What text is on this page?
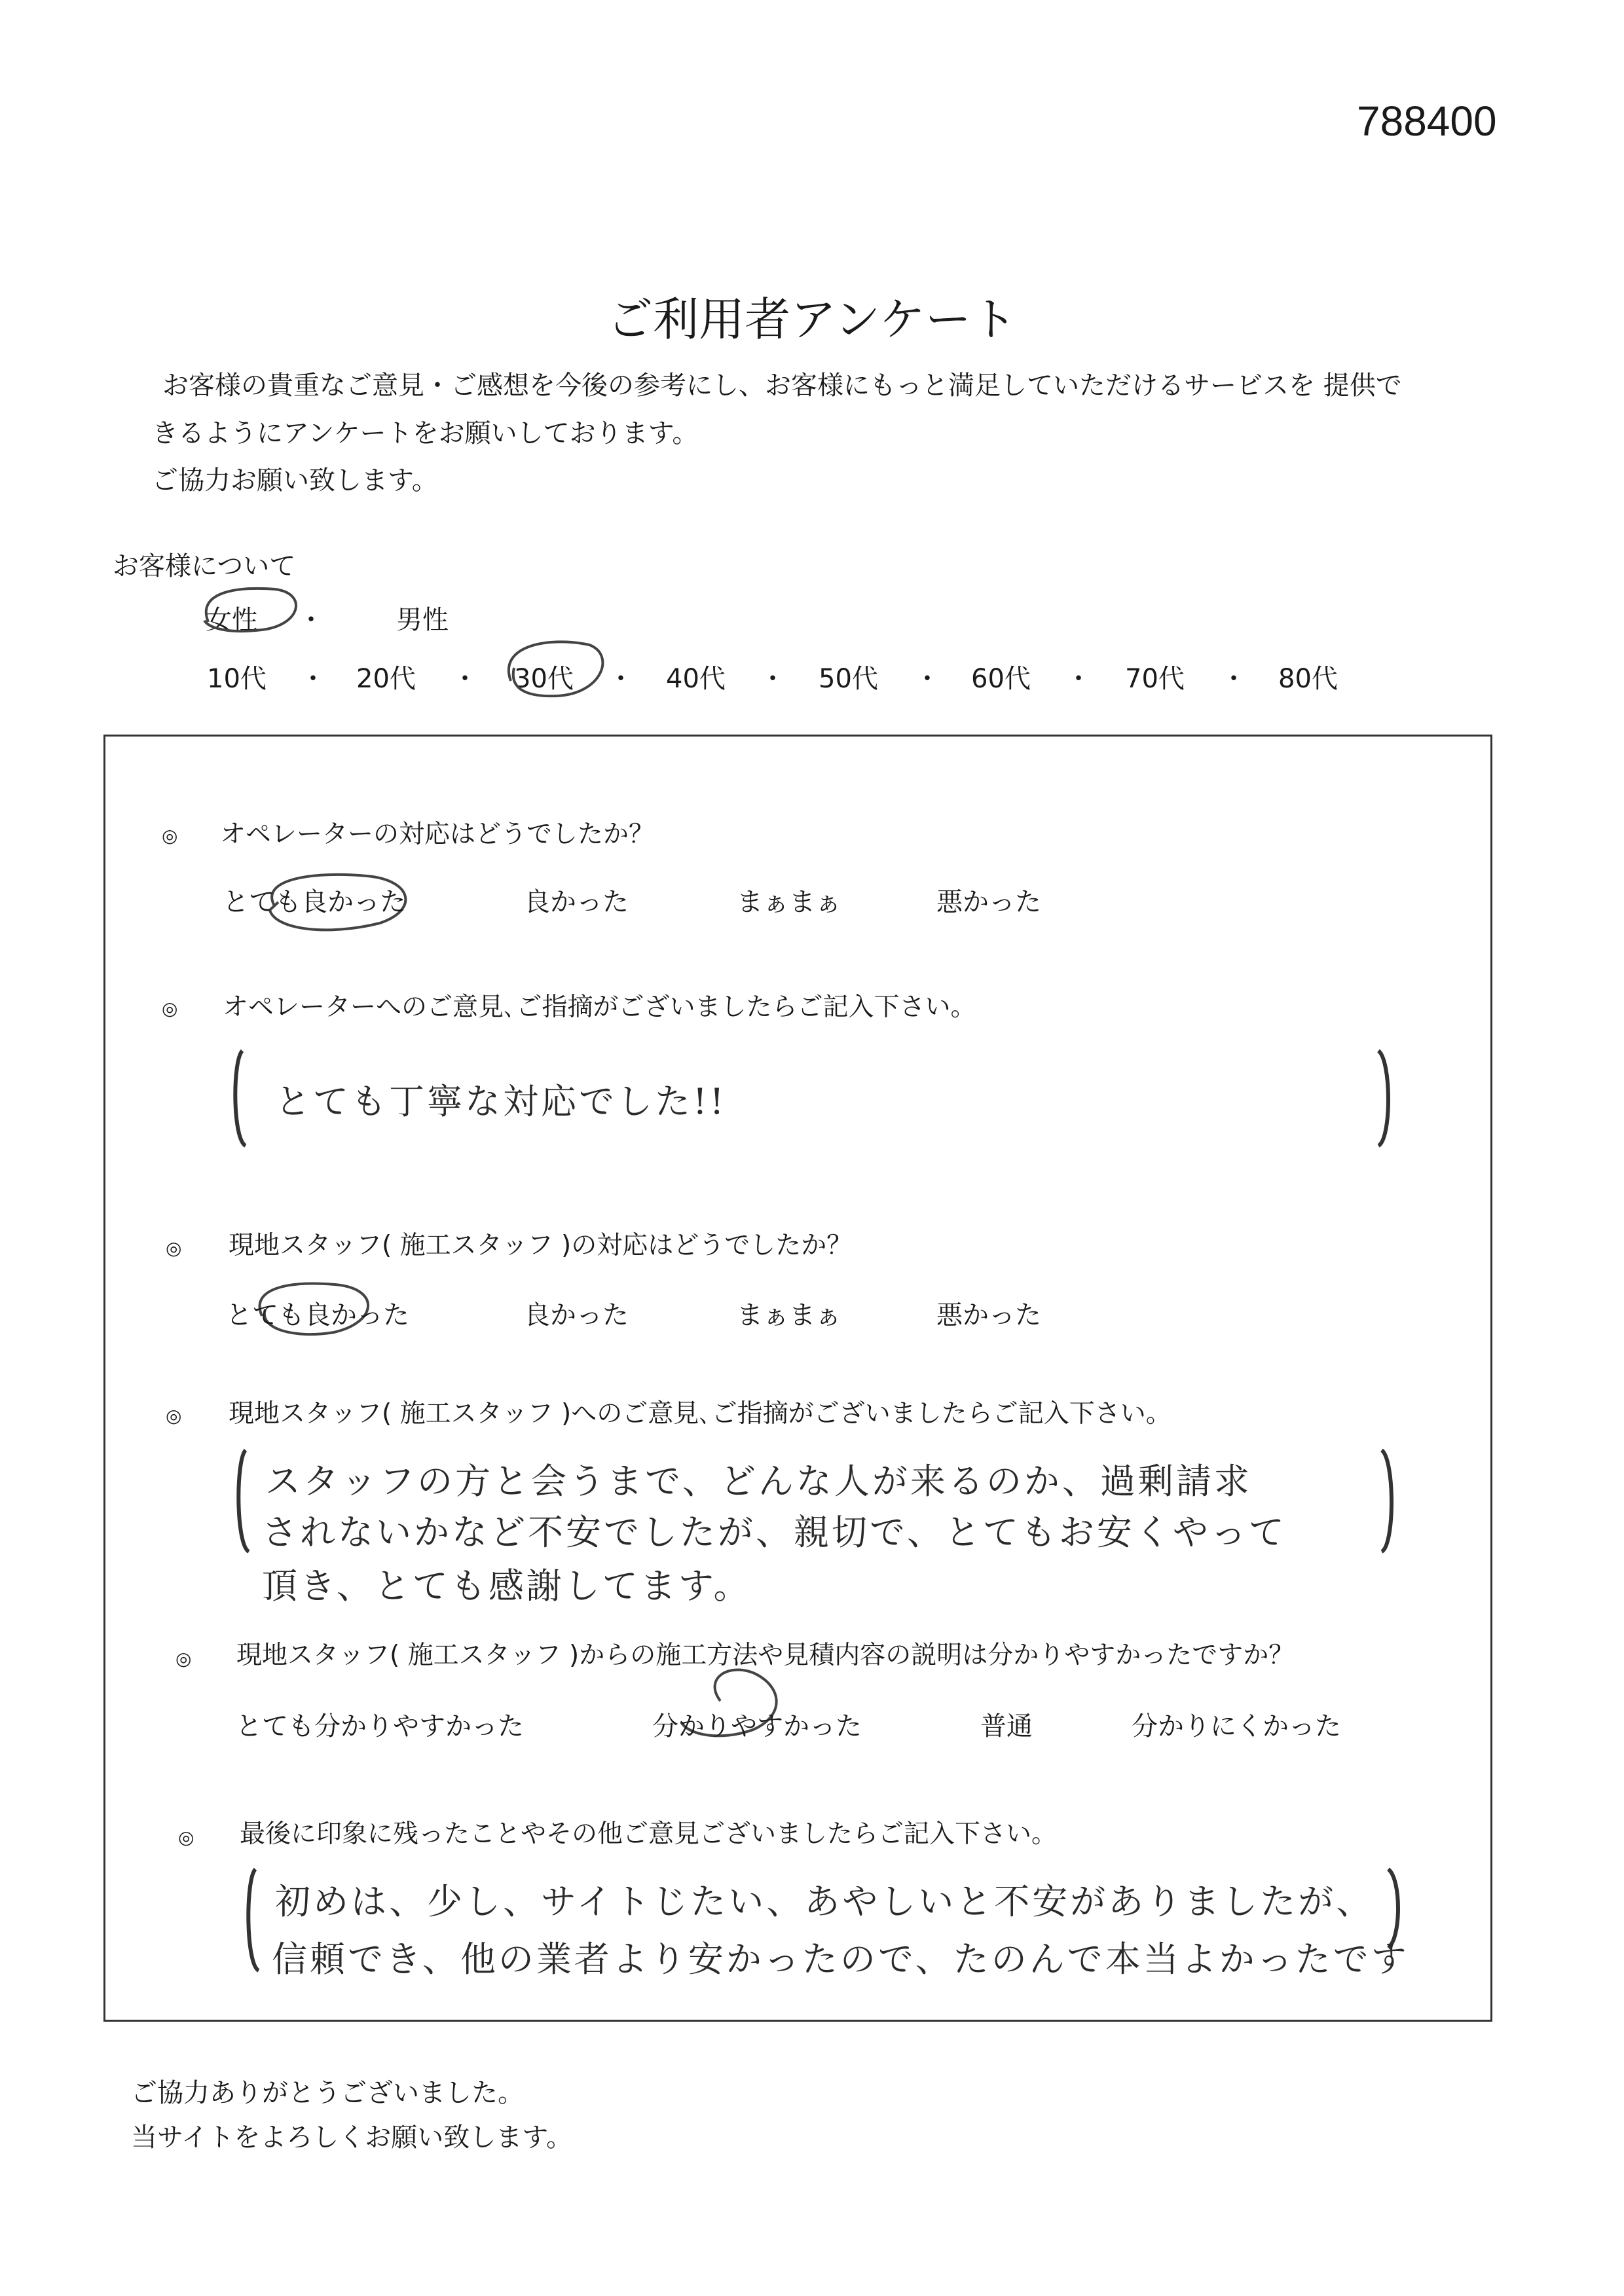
788400
ご利用者アンケート
お客様の貴重なご意見・ご感想を今後の参考にし、お客様にもっと満足していただけるサービスを 提供で
きるようにアンケートをお願いしております。
ご協力お願い致します。
お客様について
女性 ・	男性
10代 ・ 20代 ・ 30代 ・ 40代 ・ 50代 ・ 60代 ・ 70代 ・ 80代
◎ オペレーターの対応はどうでしたか？
とても良かった	良かった	まぁまぁ	悪かった
◎ オペレーターへのご意見､ご指摘がございましたらご記入下さい。
とても丁寧な対応でした!!
◎ 現地スタッフ( 施工スタッフ )の対応はどうでしたか？
とても良かった	良かった	まぁまぁ	悪かった
◎ 現地スタッフ( 施工スタッフ )へのご意見､ご指摘がございましたらご記入下さい。
スタッフの方と会うまで、どんな人が来るのか、過剰請求
されないかなど不安でしたが、親切で、とてもお安くやって
頂き、とても感謝してます。
◎ 現地スタッフ( 施工スタッフ )からの施工方法や見積内容の説明は分かりやすかったですか？
とても分かりやすかった	分かりやすかった	普通	分かりにくかった
◎ 最後に印象に残ったことやその他ご意見ございましたらご記入下さい。
初めは、少し、サイトじたい、あやしいと不安がありましたが、
信頼でき、他の業者より安かったので、たのんで本当よかったです
ご協力ありがとうございました。
当サイトをよろしくお願い致します。
